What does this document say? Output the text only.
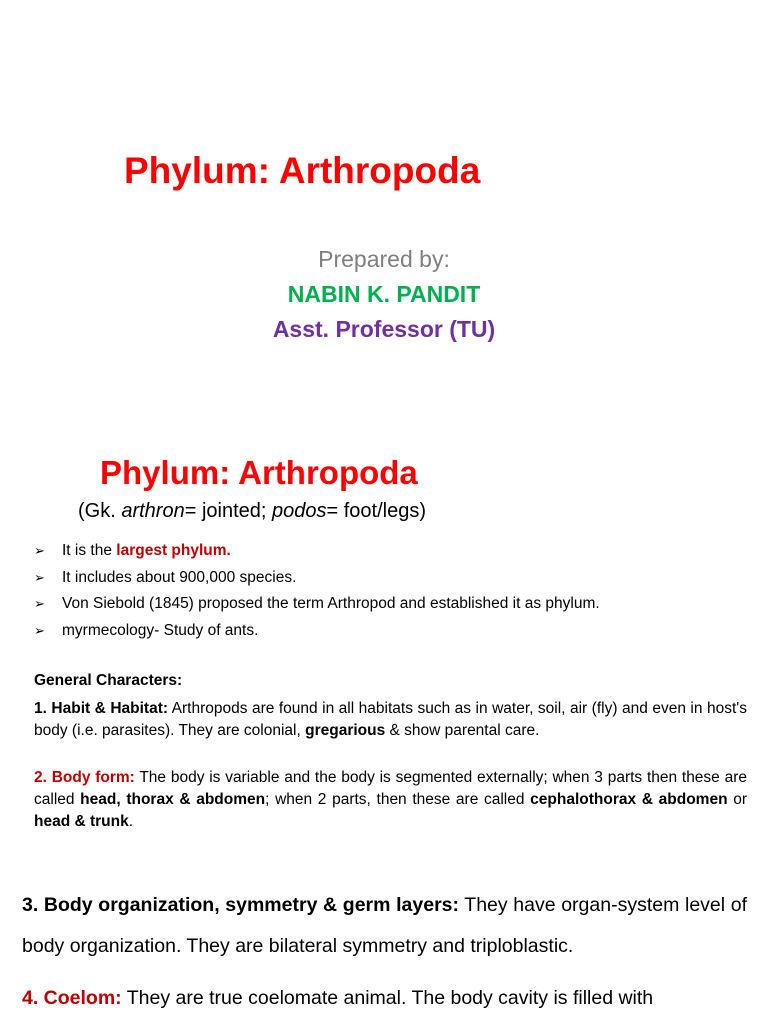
Phylum: Arthropoda

Prepared by:

NABIN K. PANDIT

Asst. Professor (TU)

Phylum: Arthropoda

(Gk. arthron= jointed; podos= foot/legs)

➢ It is the largest phylum.
➢ It includes about 900,000 species.
➢ Von Siebold (1845) proposed the term Arthropod and established it as phylum.
➢ myrmecology- Study of ants.

General Characters:

1. Habit & Habitat: Arthropods are found in all habitats such as in water, soil, air (fly) and even in host's body (i.e. parasites). They are colonial, gregarious & show parental care.

2. Body form: The body is variable and the body is segmented externally; when 3 parts then these are called head, thorax & abdomen; when 2 parts, then these are called cephalothorax & abdomen or head & trunk.

3. Body organization, symmetry & germ layers: They have organ-system level of body organization. They are bilateral symmetry and triploblastic.

4. Coelom: They are true coelomate animal. The body cavity is filled with
